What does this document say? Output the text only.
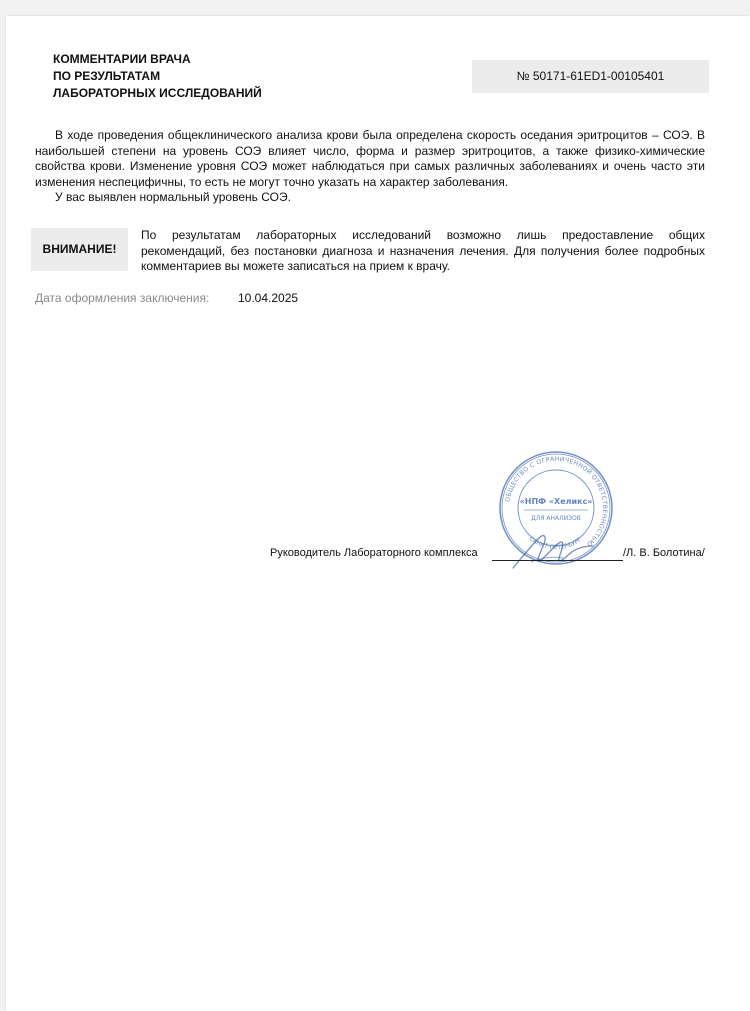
КОММЕНТАРИИ ВРАЧА
ПО РЕЗУЛЬТАТАМ
ЛАБОРАТОРНЫХ ИССЛЕДОВАНИЙ
№ 50171-61ED1-00105401

В ходе проведения общеклинического анализа крови была определена скорость оседания эритроцитов – СОЭ. В наибольшей степени на уровень СОЭ влияет число, форма и размер эритроцитов, а также физико-химические свойства крови. Изменение уровня СОЭ может наблюдаться при самых различных заболеваниях и очень часто эти изменения неспецифичны, то есть не могут точно указать на характер заболевания.

У вас выявлен нормальный уровень СОЭ.

ВНИМАНИЕ!
По результатам лабораторных исследований возможно лишь предоставление общих рекомендаций, без постановки диагноза и назначения лечения. Для получения более подробных комментариев вы можете записаться на прием к врачу.
Дата оформления заключения: 10.04.2025
ОБЩЕСТВО С ОГРАНИЧЕННОЙ ОТВЕТСТВЕННОСТЬЮ
«НПФ «Хеликс»
ДЛЯ АНАЛИЗОВ
САНКТ-ПЕТЕРБУРГ
Руководитель Лабораторного комплекса	/Л. В. Болотина/
